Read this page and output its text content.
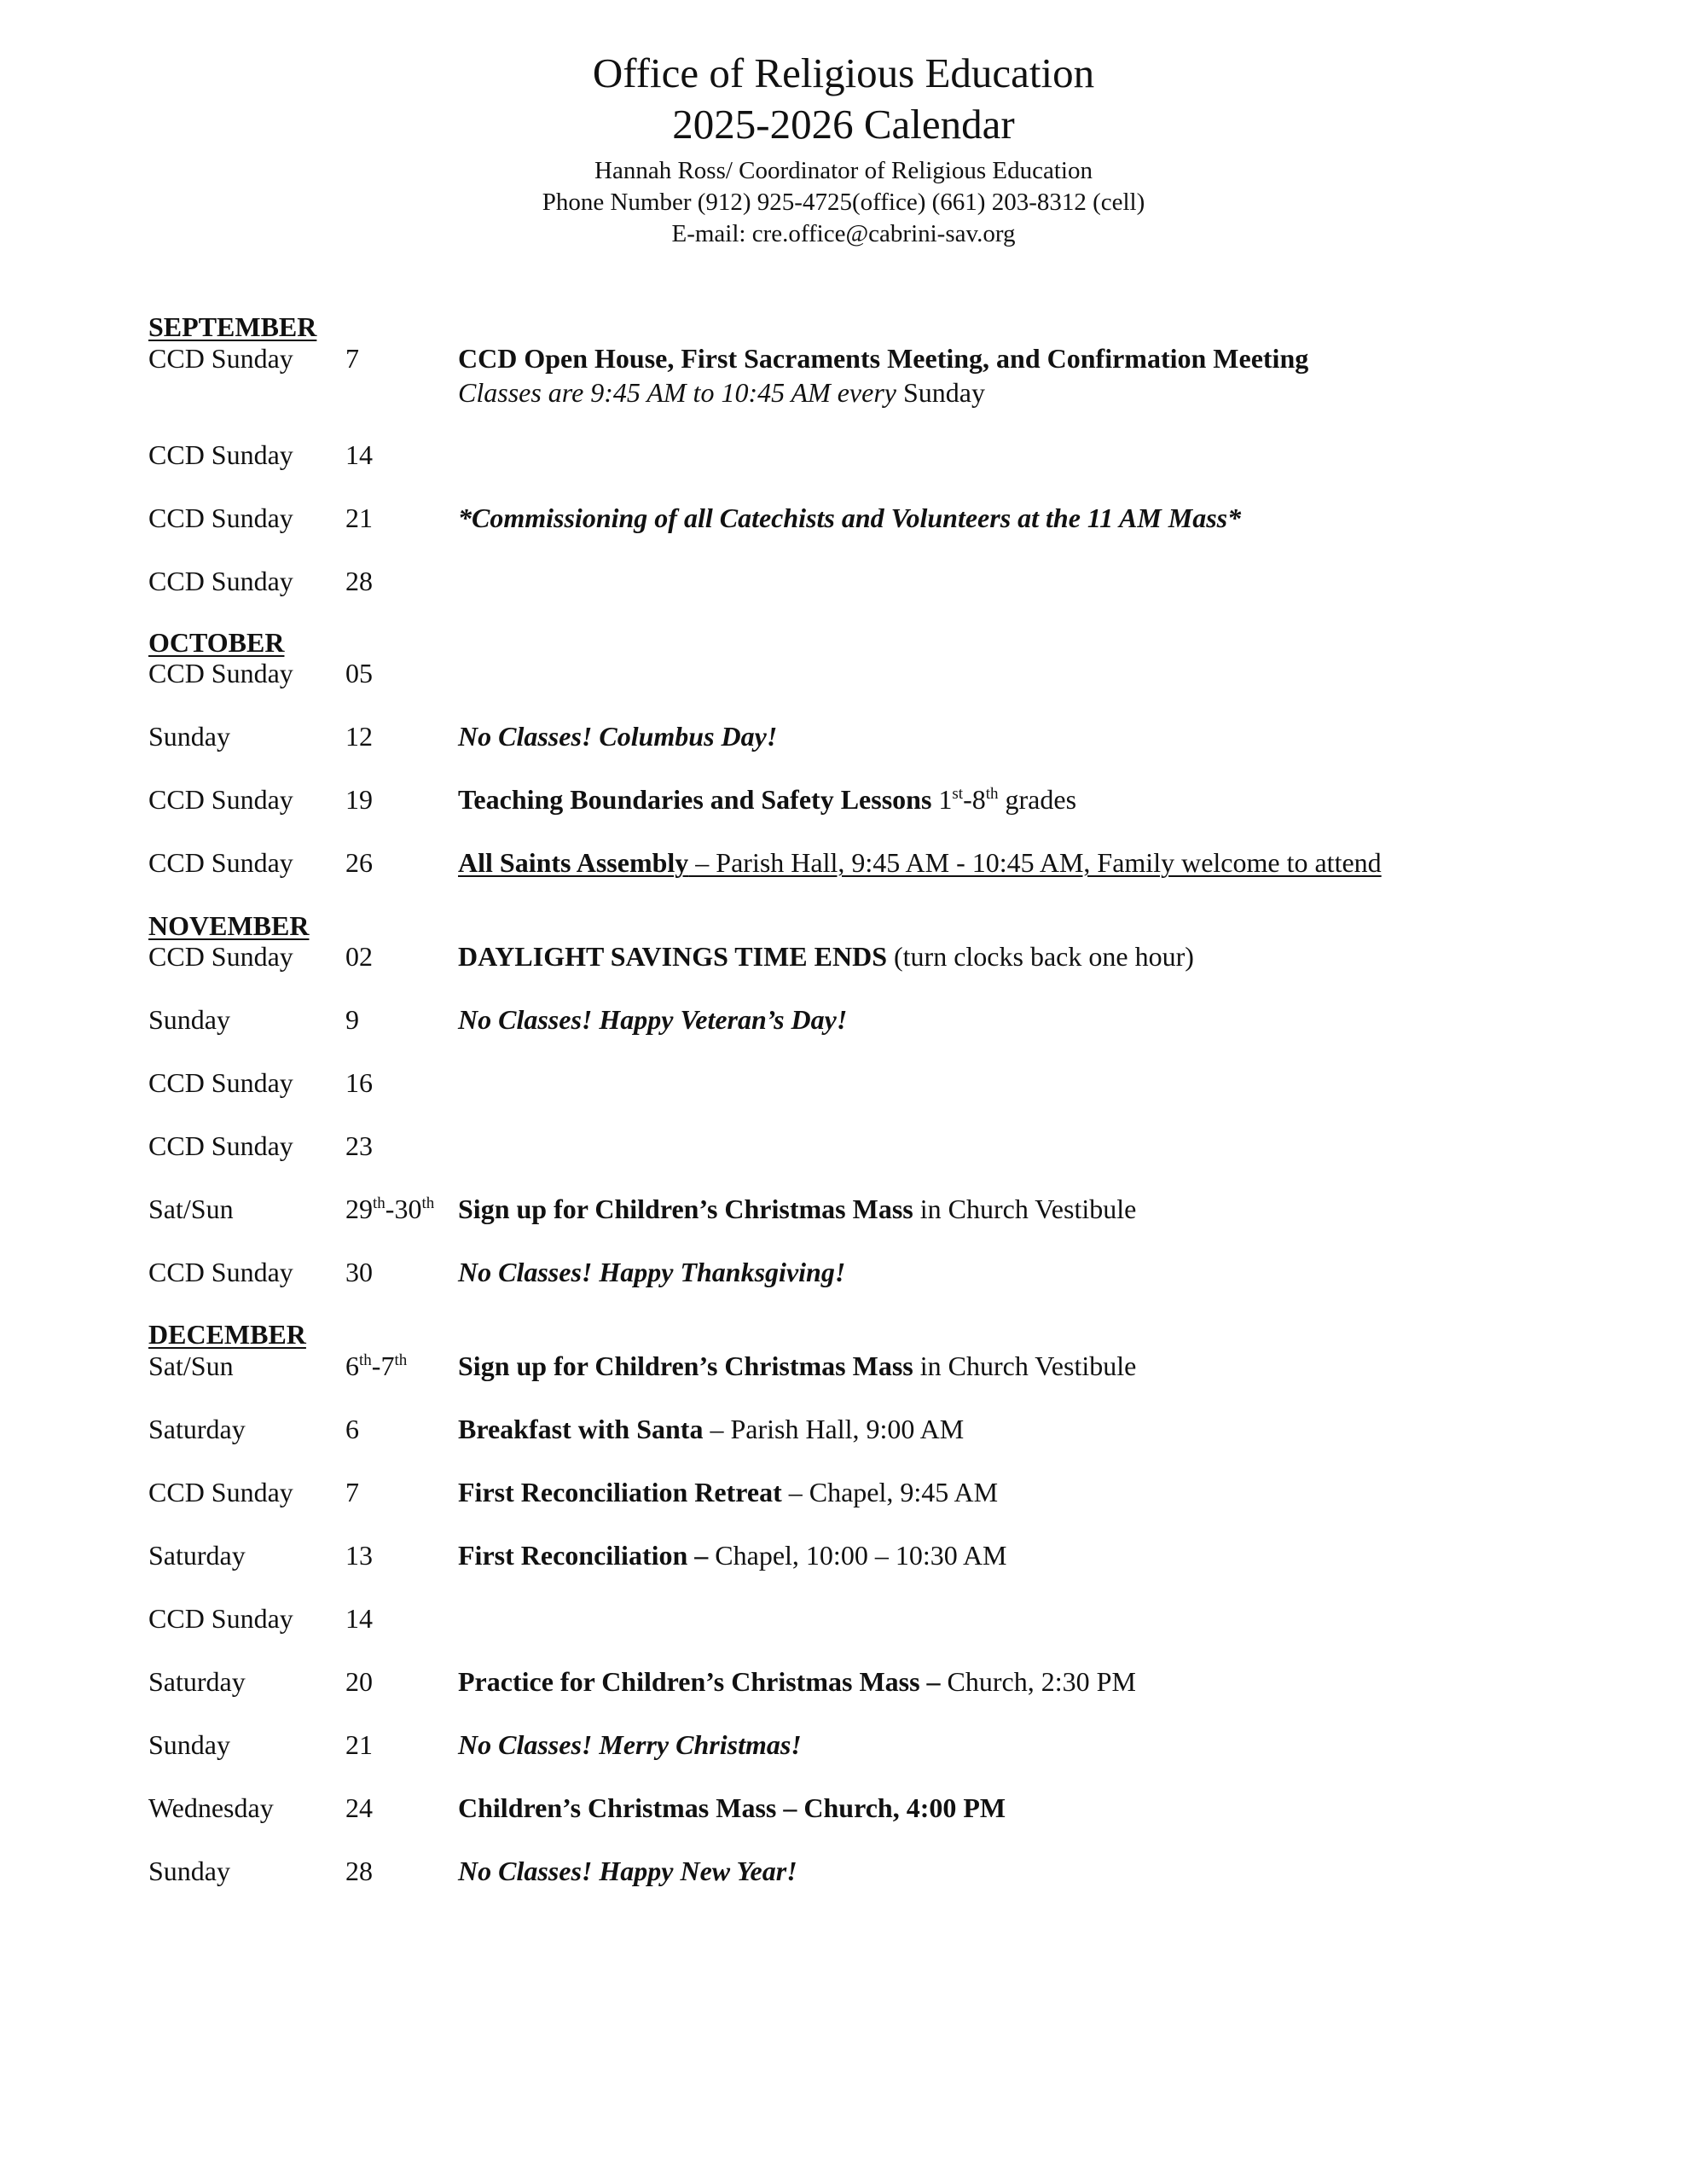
Office of Religious Education
2025-2026 Calendar
Hannah Ross/ Coordinator of Religious Education
Phone Number (912) 925-4725(office) (661) 203-8312 (cell)
E-mail: cre.office@cabrini-sav.org
SEPTEMBER
CCD Sunday 7	CCD Open House, First Sacraments Meeting, and Confirmation Meeting
Classes are 9:45 AM to 10:45 AM every Sunday
CCD Sunday 14
CCD Sunday 21	*Commissioning of all Catechists and Volunteers at the 11 AM Mass*
CCD Sunday 28
OCTOBER
CCD Sunday 05
Sunday	12	No Classes! Columbus Day!
CCD Sunday 19	Teaching Boundaries and Safety Lessons 1st-8th grades
CCD Sunday 26	All Saints Assembly – Parish Hall, 9:45 AM - 10:45 AM, Family welcome to attend
NOVEMBER
CCD Sunday 02	DAYLIGHT SAVINGS TIME ENDS (turn clocks back one hour)
Sunday	9	No Classes! Happy Veteran’s Day!
CCD Sunday 16
CCD Sunday 23
Sat/Sun	29th-30th Sign up for Children’s Christmas Mass in Church Vestibule
CCD Sunday 30	No Classes! Happy Thanksgiving!
DECEMBER
Sat/Sun	6th-7th Sign up for Children’s Christmas Mass in Church Vestibule
Saturday	6	Breakfast with Santa – Parish Hall, 9:00 AM
CCD Sunday 7	First Reconciliation Retreat – Chapel, 9:45 AM
Saturday	13	First Reconciliation – Chapel, 10:00 – 10:30 AM
CCD Sunday 14
Saturday	20	Practice for Children’s Christmas Mass – Church, 2:30 PM
Sunday	21	No Classes! Merry Christmas!
Wednesday	24	Children’s Christmas Mass – Church, 4:00 PM
Sunday	28	No Classes! Happy New Year!
